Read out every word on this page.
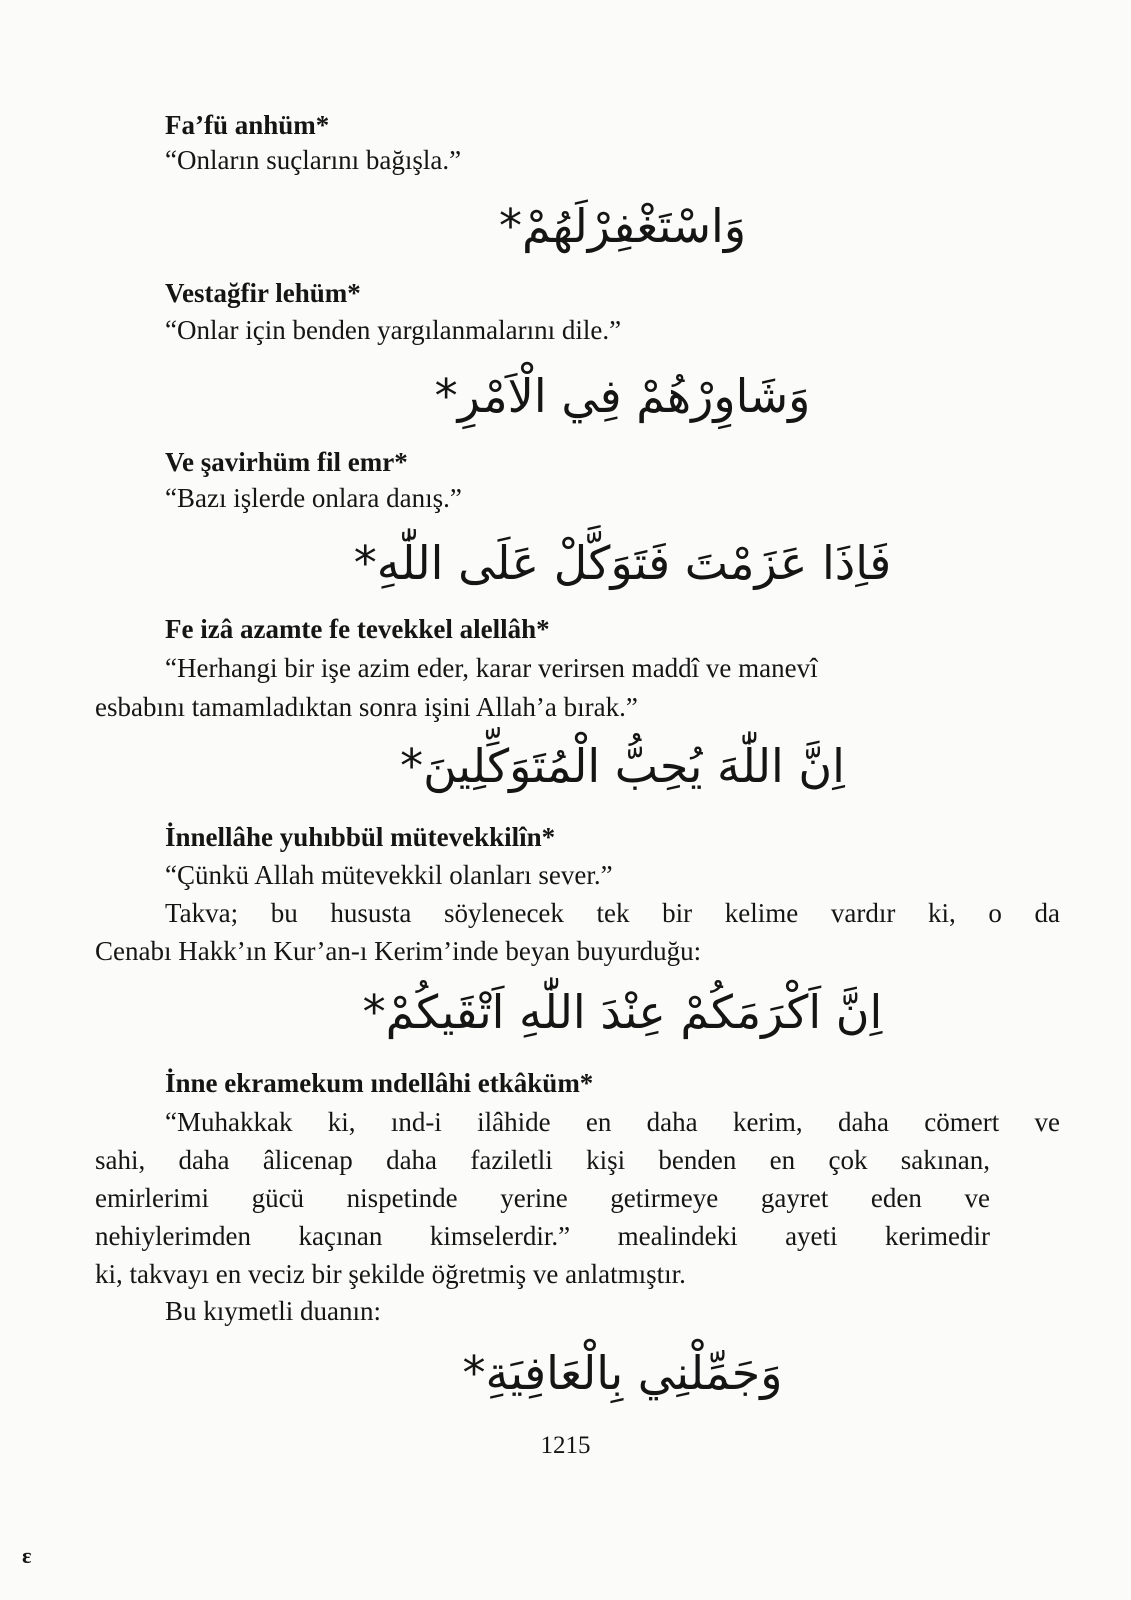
Fa’fü anhüm*
“Onların suçlarını bağışla.”
وَاسْتَغْفِرْلَهُمْ*
Vestağfir lehüm*
“Onlar için benden yargılanmalarını dile.”
وَشَاوِرْهُمْ فِي الْاَمْرِ*
Ve şavirhüm fil emr*
“Bazı işlerde onlara danış.”
فَاِذَا عَزَمْتَ فَتَوَكَّلْ عَلَى اللّٰهِ*
Fe izâ azamte fe tevekkel alellâh*
“Herhangi bir işe azim eder, karar verirsen maddî ve manevî
esbabını tamamladıktan sonra işini Allah’a bırak.”
اِنَّ اللّٰهَ يُحِبُّ الْمُتَوَكِّلِينَ*
İnnellâhe yuhıbbül mütevekkilîn*
“Çünkü Allah mütevekkil olanları sever.”
Takva; bu hususta söylenecek tek bir kelime vardır ki, o da
Cenabı Hakk’ın Kur’an-ı Kerim’inde beyan buyurduğu:
اِنَّ اَكْرَمَكُمْ عِنْدَ اللّٰهِ اَتْقَيكُمْ*
İnne ekramekum ındellâhi etkâküm*
“Muhakkak ki, ınd-i ilâhide en daha kerim, daha cömert ve
sahi, daha âlicenap daha faziletli kişi benden en çok sakınan,
emirlerimi gücü nispetinde yerine getirmeye gayret eden ve
nehiylerimden kaçınan kimselerdir.” mealindeki ayeti kerimedir
ki, takvayı en veciz bir şekilde öğretmiş ve anlatmıştır.
Bu kıymetli duanın:
وَجَمِّلْنِي بِالْعَافِيَةِ*
1215
ɛ
